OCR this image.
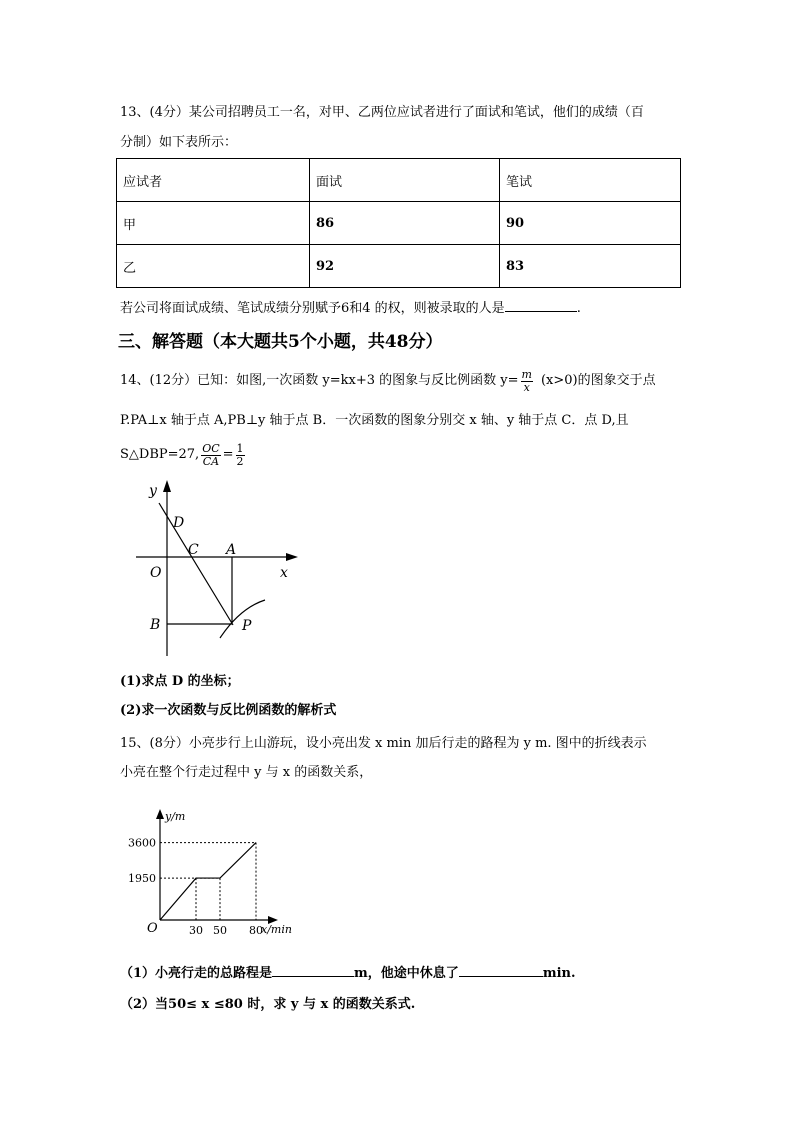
13、(4分）某公司招聘员工一名，对甲、乙两位应试者进行了面试和笔试，他们的成绩（百
分制）如下表所示：
应试者	面试	笔试
甲	86	90
乙	92	83
若公司将面试成绩、笔试成绩分别赋予6和4 的权，则被录取的人是	.
三、解答题（本大题共5个小题，共48分）
14、(12分）已知：如图,一次函数 y=kx+3 的图象与反比例函数 $y= \frac{m}{x} (x>0)$的图象交于点
P.PA⊥x 轴于点 A,PB⊥y 轴于点 B．一次函数的图象分别交 x 轴、y 轴于点 C．点 D,且
S△DBP=27, $\frac{OC}{CA} = \frac{1}{2}$
y
x
O
D
C A
B	P
(1)求点 D 的坐标；
(2)求一次函数与反比例函数的解析式
15、(8分）小亮步行上山游玩，设小亮出发 x min 加后行走的路程为 y m. 图中的折线表示
小亮在整个行走过程中 y 与 x 的函数关系，
y/m
x/min
O	30 50 80
1950
3600
（1）小亮行走的总路程是	m，他途中休息了	min.
（2）当50≤ x ≤80 时，求 y 与 x 的函数关系式.
